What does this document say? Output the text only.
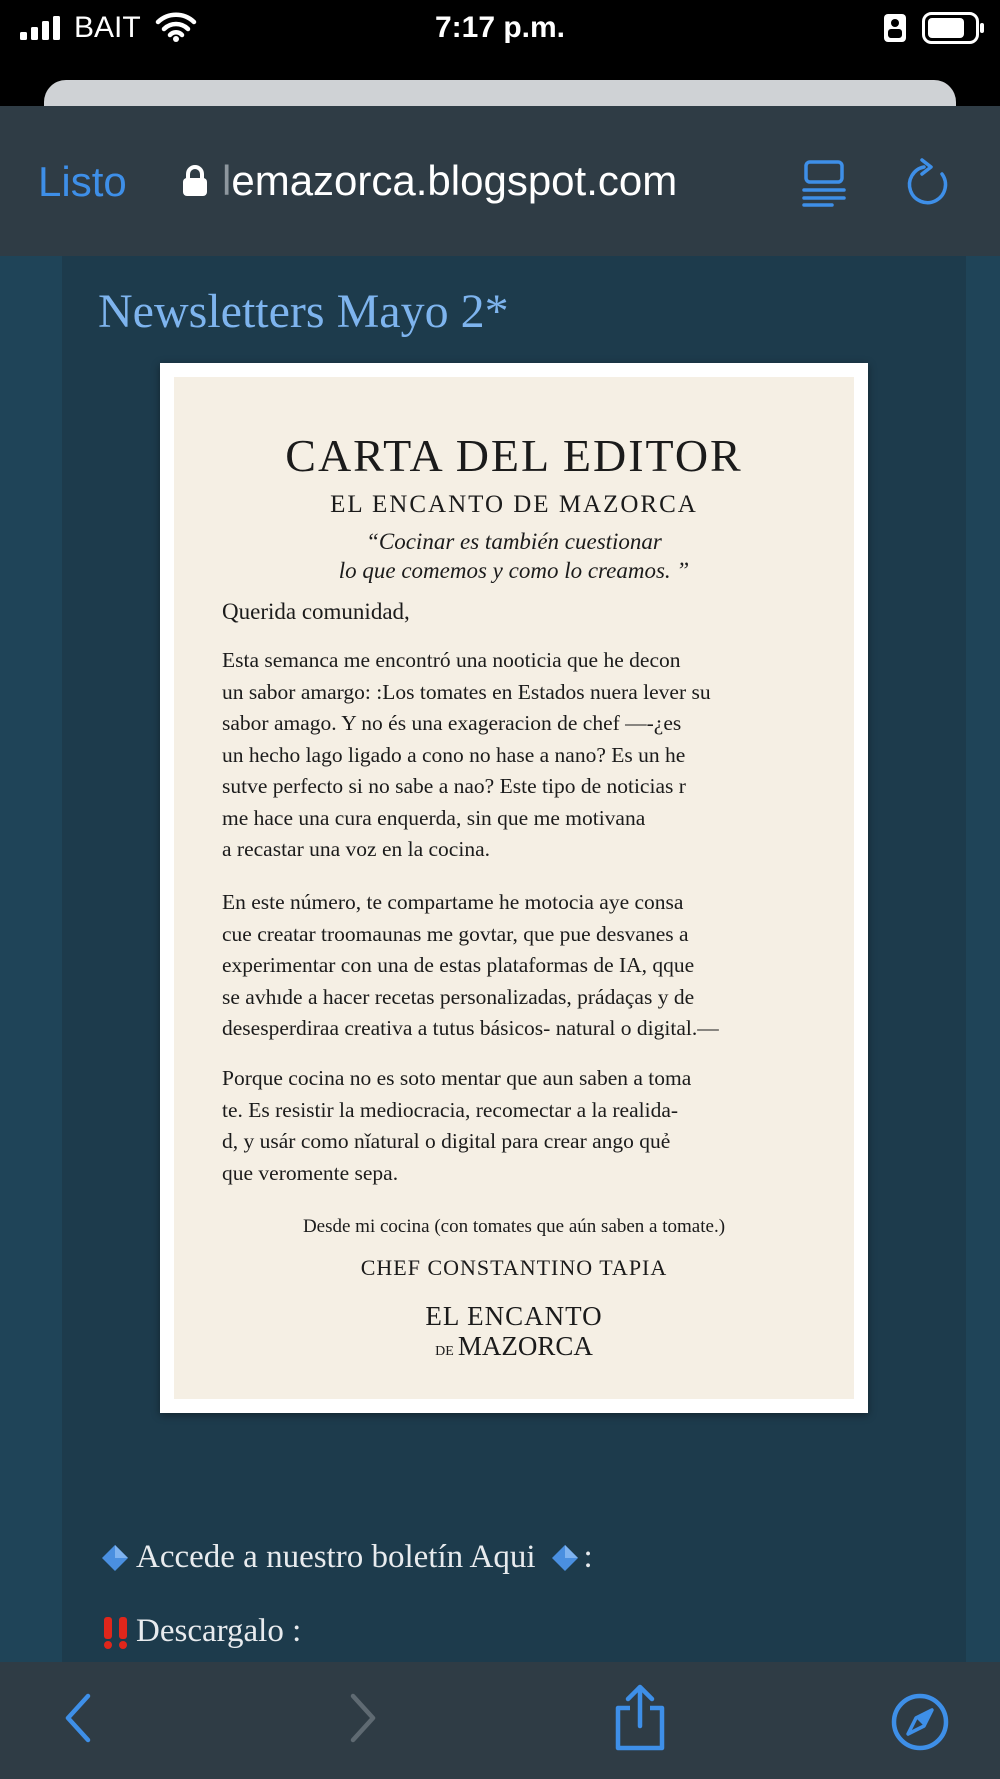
BAIT	7:17 p.m.
Listo l emazorca.blogspot.com
Newsletters Mayo 2*
CARTA DEL EDITOR
EL ENCANTO DE MAZORCA
“Cocinar es también cuestionar
lo que comemos y como lo creamos. ”
Querida comunidad,
Esta semanca me encontró una nooticia que he decon
un sabor amargo: :Los tomates en Estados nuera lever su
sabor amago. Y no és una exageracion de chef —-¿es
un hecho lago ligado a cono no hase a nano? Es un he
sutve perfecto si no sabe a nao? Este tipo de noticias r
me hace una cura enquerda, sin que me motivana
a recastar una voz en la cocina.
En este número, te compartame he motocia aye consa
cue creatar troomaunas me govtar, que pue desvanes a
experimentar con una de estas plataformas de IA, qque
se avhıde a hacer recetas personalizadas, prádaças y de
desesperdiraa creativa a tutus básicos- natural o digital.—
Porque cocina no es soto mentar que aun saben a toma
te. Es resistir la mediocracia, recomectar a la realida-
d, y usár como nǐatural o digital para crear ango quẻ
que veromente sepa.
Desde mi cocina (con tomates que aún saben a tomate.)
CHEF CONSTANTINO TAPIA
EL ENCANTO
DE MAZORCA
Accede a nuestro boletín Aqui :
Descargalo :
